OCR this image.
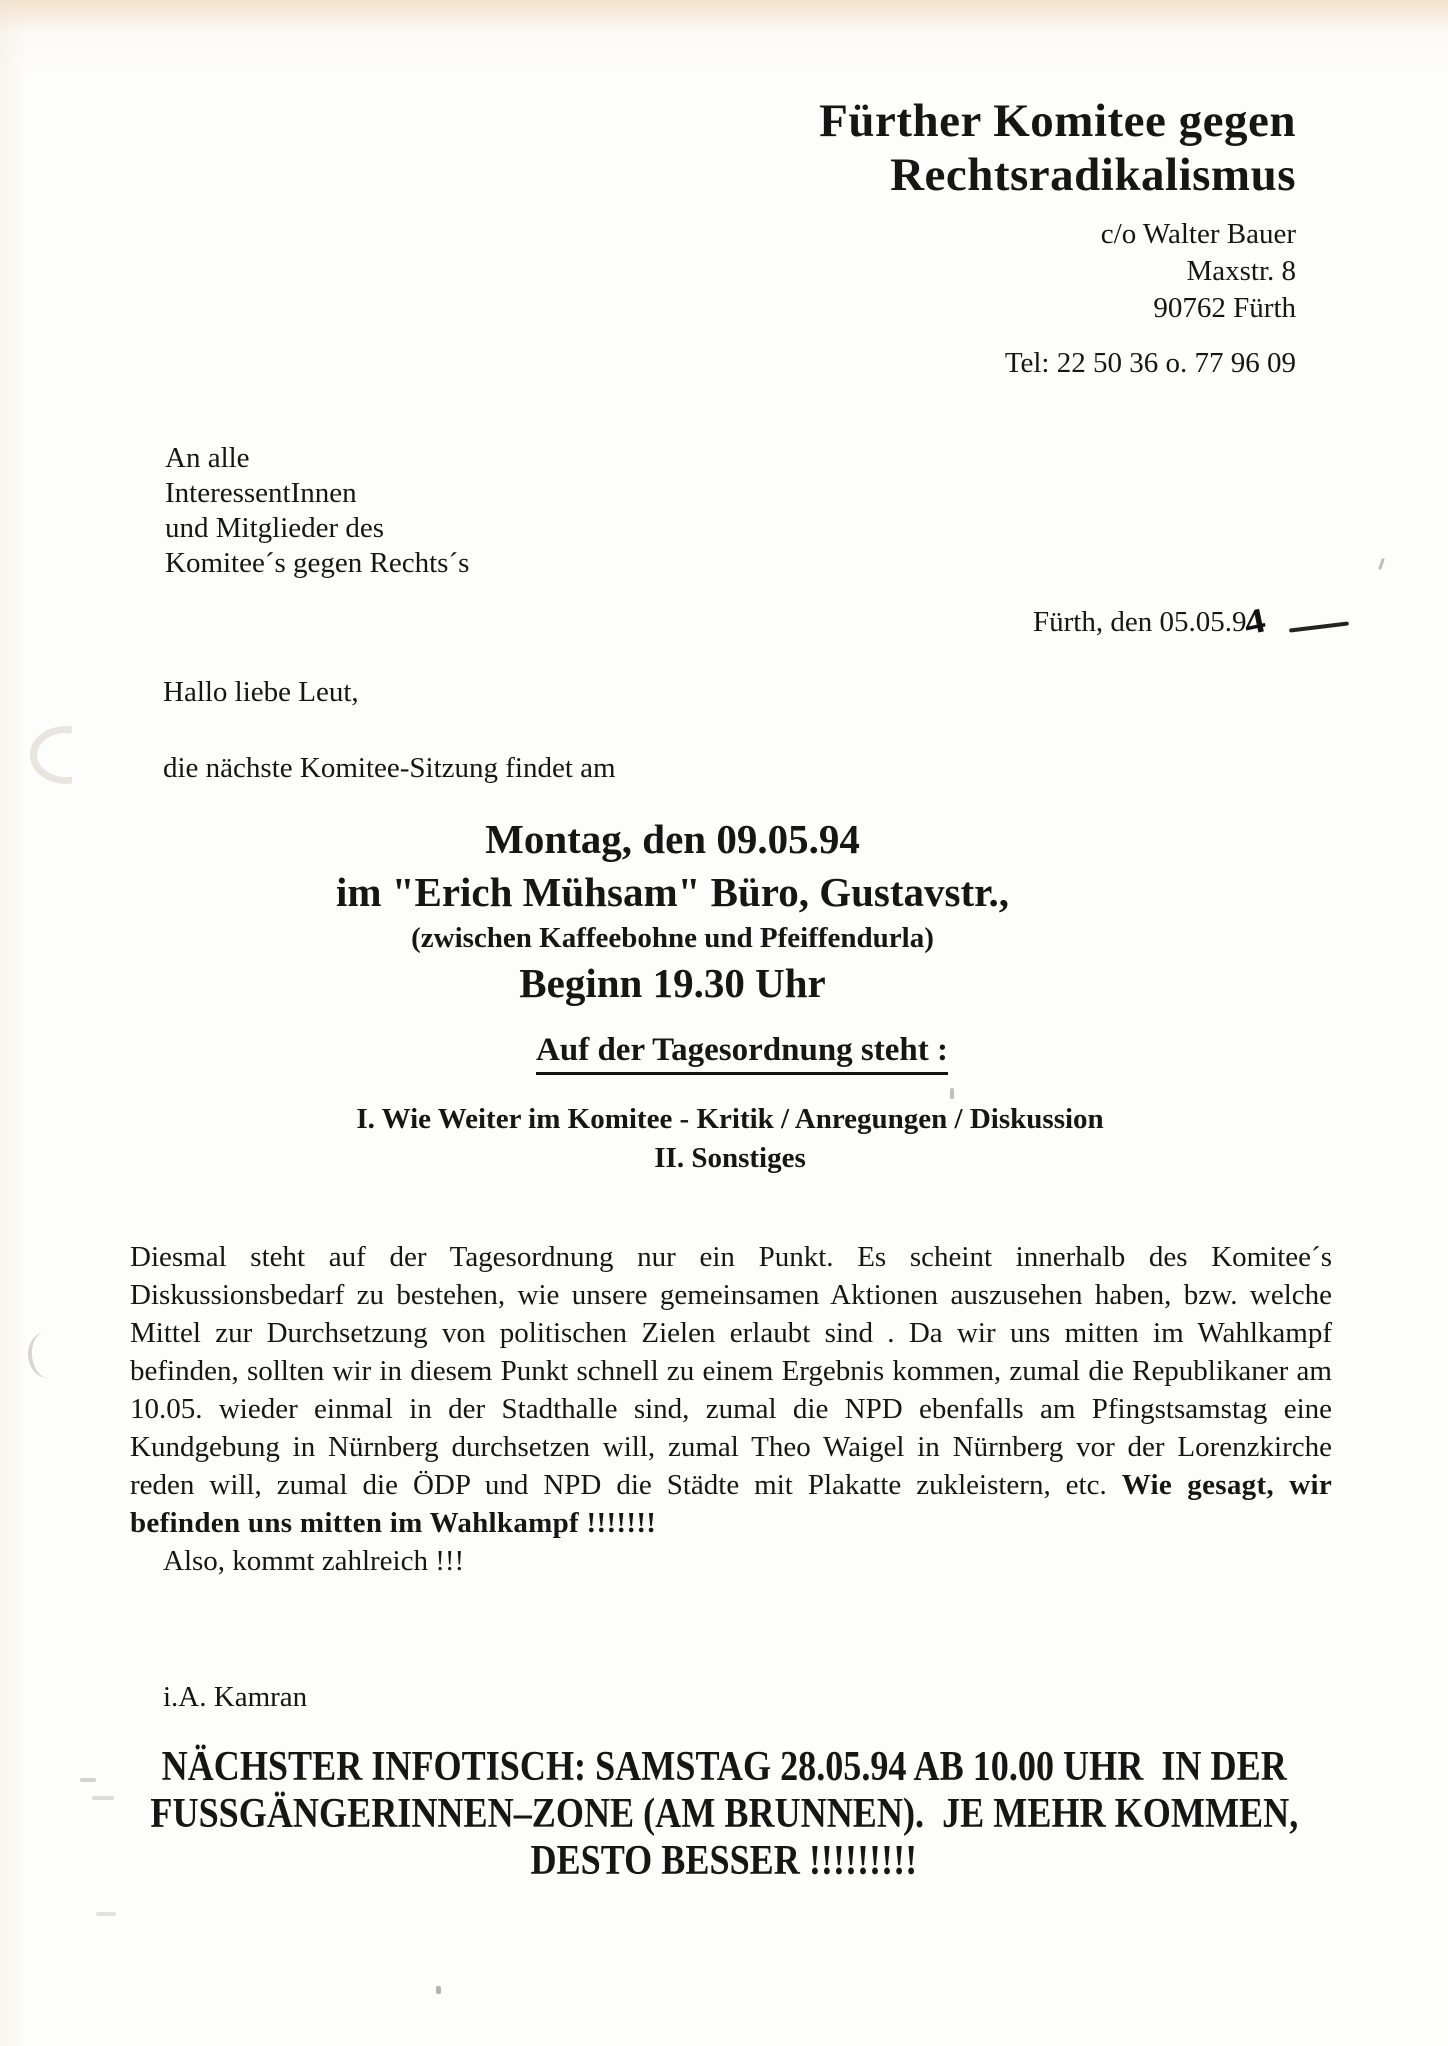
Fürther Komitee gegen
Rechtsradikalismus
c/o Walter Bauer
Maxstr. 8
90762 Fürth
Tel: 22 50 36 o. 77 96 09
An alle
InteressentInnen
und Mitglieder des
Komitee´s gegen Rechts´s
Fürth, den 05.05.94
Hallo liebe Leut,
die nächste Komitee-Sitzung findet am
Montag, den 09.05.94
im "Erich Mühsam" Büro, Gustavstr.,
(zwischen Kaffeebohne und Pfeiffendurla)
Beginn 19.30 Uhr
Auf der Tagesordnung steht :
I. Wie Weiter im Komitee - Kritik / Anregungen / Diskussion
II. Sonstiges

Diesmal steht auf der Tagesordnung nur ein Punkt. Es scheint innerhalb des Komitee´s Diskussionsbedarf zu bestehen, wie unsere gemeinsamen Aktionen auszusehen haben, bzw. welche Mittel zur Durchsetzung von politischen Zielen erlaubt sind . Da wir uns mitten im Wahlkampf befinden, sollten wir in diesem Punkt schnell zu einem Ergebnis kommen, zumal die Republikaner am 10.05. wieder einmal in der Stadthalle sind, zumal die NPD ebenfalls am Pfingstsamstag eine Kundgebung in Nürnberg durchsetzen will, zumal Theo Waigel in Nürnberg vor der Lorenzkirche reden will, zumal die ÖDP und NPD die Städte mit Plakatte zukleistern, etc. Wie gesagt, wir befinden uns mitten im Wahlkampf !!!!!!!

Also, kommt zahlreich !!!
i.A. Kamran
NÄCHSTER INFOTISCH: SAMSTAG 28.05.94 AB 10.00 UHR  IN DER
FUSSGÄNGERINNEN–ZONE (AM BRUNNEN).  JE MEHR KOMMEN,
DESTO BESSER !!!!!!!!!
